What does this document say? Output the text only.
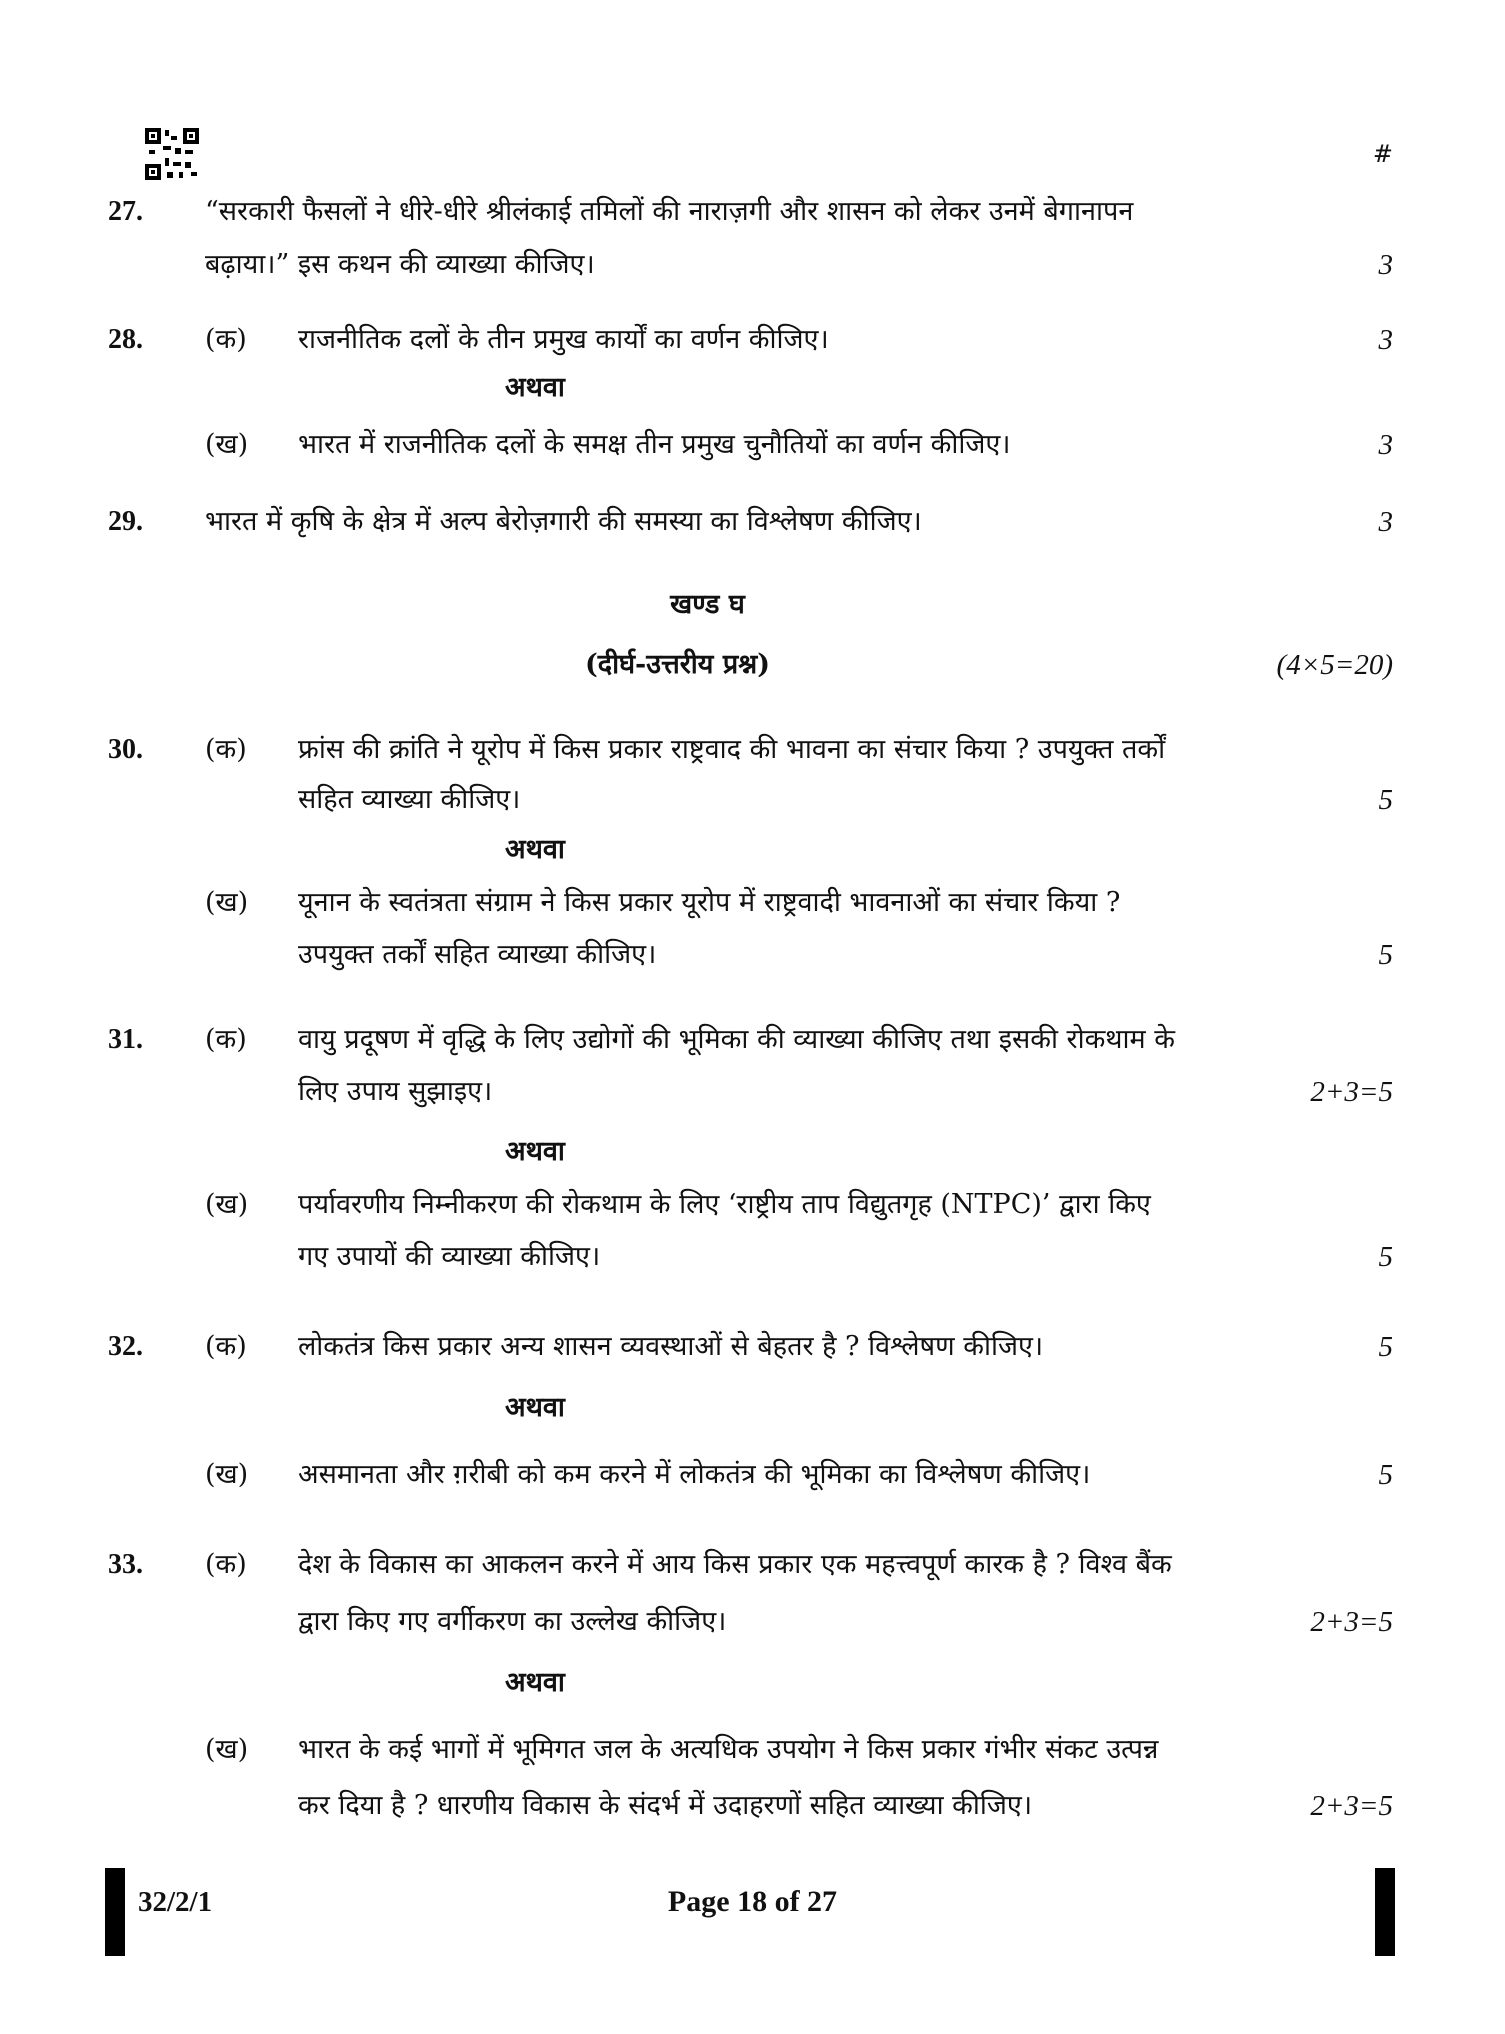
#
27. “सरकारी फैसलों ने धीरे-धीरे श्रीलंकाई तमिलों की नाराज़गी और शासन को लेकर उनमें बेगानापन
बढ़ाया।” इस कथन की व्याख्या कीजिए।	3
28. (क) राजनीतिक दलों के तीन प्रमुख कार्यों का वर्णन कीजिए।	3
अथवा
(ख) भारत में राजनीतिक दलों के समक्ष तीन प्रमुख चुनौतियों का वर्णन कीजिए।	3
29. भारत में कृषि के क्षेत्र में अल्प बेरोज़गारी की समस्या का विश्लेषण कीजिए।	3
खण्ड घ
(दीर्घ-उत्तरीय प्रश्न)	(4×5=20)
30. (क) फ्रांस की क्रांति ने यूरोप में किस प्रकार राष्ट्रवाद की भावना का संचार किया ? उपयुक्त तर्कों
सहित व्याख्या कीजिए।	5
अथवा
(ख) यूनान के स्वतंत्रता संग्राम ने किस प्रकार यूरोप में राष्ट्रवादी भावनाओं का संचार किया ?
उपयुक्त तर्कों सहित व्याख्या कीजिए।	5
31. (क) वायु प्रदूषण में वृद्धि के लिए उद्योगों की भूमिका की व्याख्या कीजिए तथा इसकी रोकथाम के
लिए उपाय सुझाइए।	2+3=5
अथवा
(ख) पर्यावरणीय निम्नीकरण की रोकथाम के लिए ‘राष्ट्रीय ताप विद्युतगृह (NTPC)’ द्वारा किए
गए उपायों की व्याख्या कीजिए।	5
32. (क) लोकतंत्र किस प्रकार अन्य शासन व्यवस्थाओं से बेहतर है ? विश्लेषण कीजिए।	5
अथवा
(ख) असमानता और ग़रीबी को कम करने में लोकतंत्र की भूमिका का विश्लेषण कीजिए।	5
33. (क) देश के विकास का आकलन करने में आय किस प्रकार एक महत्त्वपूर्ण कारक है ? विश्व बैंक
द्वारा किए गए वर्गीकरण का उल्लेख कीजिए।	2+3=5
अथवा
(ख) भारत के कई भागों में भूमिगत जल के अत्यधिक उपयोग ने किस प्रकार गंभीर संकट उत्पन्न
कर दिया है ? धारणीय विकास के संदर्भ में उदाहरणों सहित व्याख्या कीजिए।	2+3=5
32/2/1	Page 18 of 27
